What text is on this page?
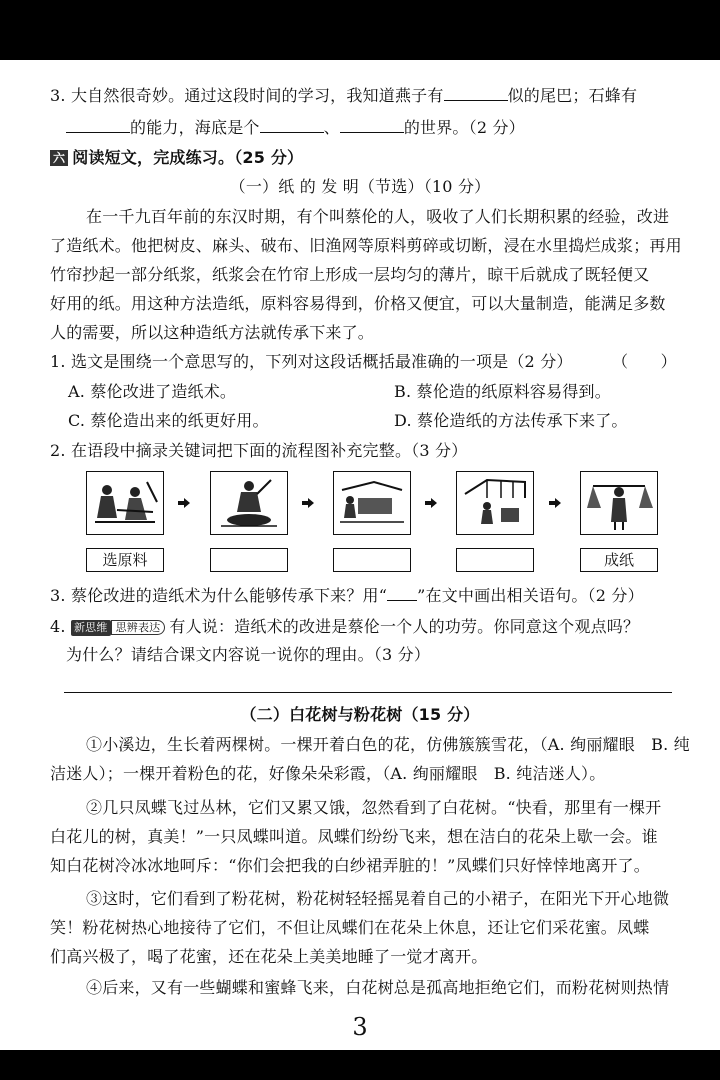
3. 大自然很奇妙。通过这段时间的学习，我知道燕子有	似的尾巴；石蜂有
的能力，海底是个	、	的世界。（2 分）
六 阅读短文，完成练习。（25 分）
（一）纸 的 发 明（节选）（10 分）
在一千九百年前的东汉时期，有个叫蔡伦的人，吸收了人们长期积累的经验，改进
了造纸术。他把树皮、麻头、破布、旧渔网等原料剪碎或切断，浸在水里捣烂成浆；再用
竹帘抄起一部分纸浆，纸浆会在竹帘上形成一层均匀的薄片，晾干后就成了既轻便又
好用的纸。用这种方法造纸，原料容易得到，价格又便宜，可以大量制造，能满足多数
人的需要，所以这种造纸方法就传承下来了。
1. 选文是围绕一个意思写的，下列对这段话概括最准确的一项是（2 分） （　　）
A. 蔡伦改进了造纸术。	B. 蔡伦造的纸原料容易得到。
C. 蔡伦造出来的纸更好用。	D. 蔡伦造纸的方法传承下来了。
2. 在语段中摘录关键词把下面的流程图补充完整。（3 分）
选原料	成纸
3. 蔡伦改进的造纸术为什么能够传承下来？用“ ”在文中画出相关语句。（2 分）
4. 新思维 思辨表达 有人说：造纸术的改进是蔡伦一个人的功劳。你同意这个观点吗？
为什么？请结合课文内容说一说你的理由。（3 分）
（二）白花树与粉花树（15 分）
①小溪边，生长着两棵树。一棵开着白色的花，仿佛簇簇雪花，（A. 绚丽耀眼　B. 纯
洁迷人）；一棵开着粉色的花，好像朵朵彩霞，（A. 绚丽耀眼　B. 纯洁迷人）。
②几只凤蝶飞过丛林，它们又累又饿，忽然看到了白花树。“快看，那里有一棵开
白花儿的树，真美！”一只凤蝶叫道。凤蝶们纷纷飞来，想在洁白的花朵上歇一会。谁
知白花树冷冰冰地呵斥：“你们会把我的白纱裙弄脏的！”凤蝶们只好悻悻地离开了。
③这时，它们看到了粉花树，粉花树轻轻摇晃着自己的小裙子，在阳光下开心地微
笑！粉花树热心地接待了它们，不但让凤蝶们在花朵上休息，还让它们采花蜜。凤蝶
们高兴极了，喝了花蜜，还在花朵上美美地睡了一觉才离开。
④后来，又有一些蝴蝶和蜜蜂飞来，白花树总是孤高地拒绝它们，而粉花树则热情
3
